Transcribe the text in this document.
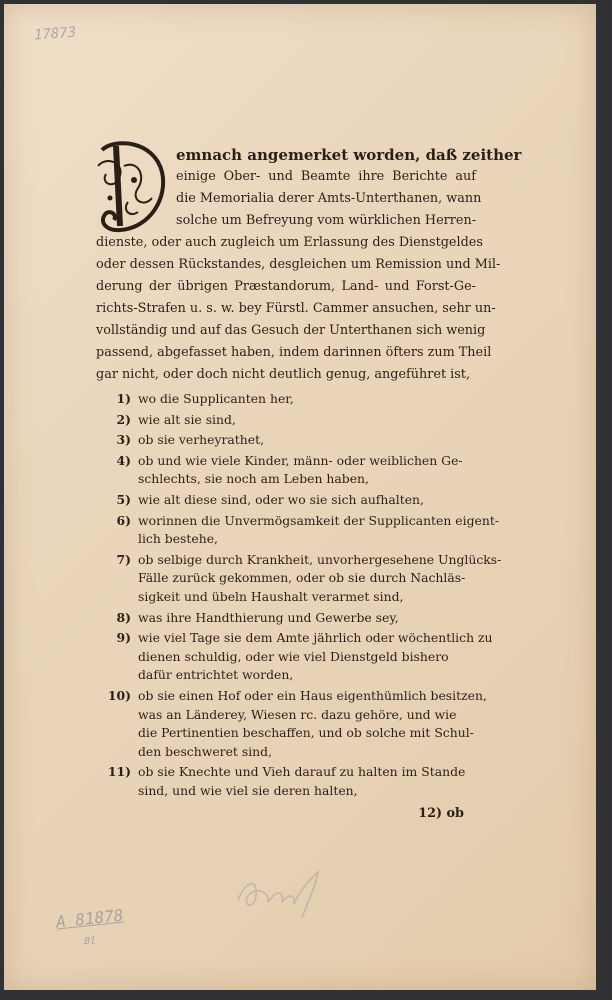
17873
emnach angemerket worden, daß zeither
einige Ober- und Beamte ihre Berichte auf
die Memorialia derer Amts-Unterthanen, wann
solche um Befreyung vom würklichen Herren-
dienste, oder auch zugleich um Erlassung des Dienstgeldes
oder dessen Rückstandes, desgleichen um Remission und Mil-
derung der übrigen Præstandorum, Land- und Forst-Ge-
richts-Strafen u. s. w. bey Fürstl. Cammer ansuchen, sehr un-
vollständig und auf das Gesuch der Unterthanen sich wenig
passend, abgefasset haben, indem darinnen öfters zum Theil
gar nicht, oder doch nicht deutlich genug, angeführet ist,
1) wo die Supplicanten her,
2) wie alt sie sind,
3) ob sie verheyrathet,
4) ob und wie viele Kinder, männ- oder weiblichen Ge-
schlechts, sie noch am Leben haben,
5) wie alt diese sind, oder wo sie sich aufhalten,
6) worinnen die Unvermögsamkeit der Supplicanten eigent-
lich bestehe,
7) ob selbige durch Krankheit, unvorhergesehene Unglücks-
Fälle zurück gekommen, oder ob sie durch Nachläs-
sigkeit und übeln Haushalt verarmet sind,
8) was ihre Handthierung und Gewerbe sey,
9) wie viel Tage sie dem Amte jährlich oder wöchentlich zu
dienen schuldig, oder wie viel Dienstgeld bishero
dafür entrichtet worden,
10) ob sie einen Hof oder ein Haus eigenthümlich besitzen,
was an Länderey, Wiesen rc. dazu gehöre, und wie
die Pertinentien beschaffen, und ob solche mit Schul-
den beschweret sind,
11) ob sie Knechte und Vieh darauf zu halten im Stande
sind, und wie viel sie deren halten,
12) ob
A 81878
Bl
